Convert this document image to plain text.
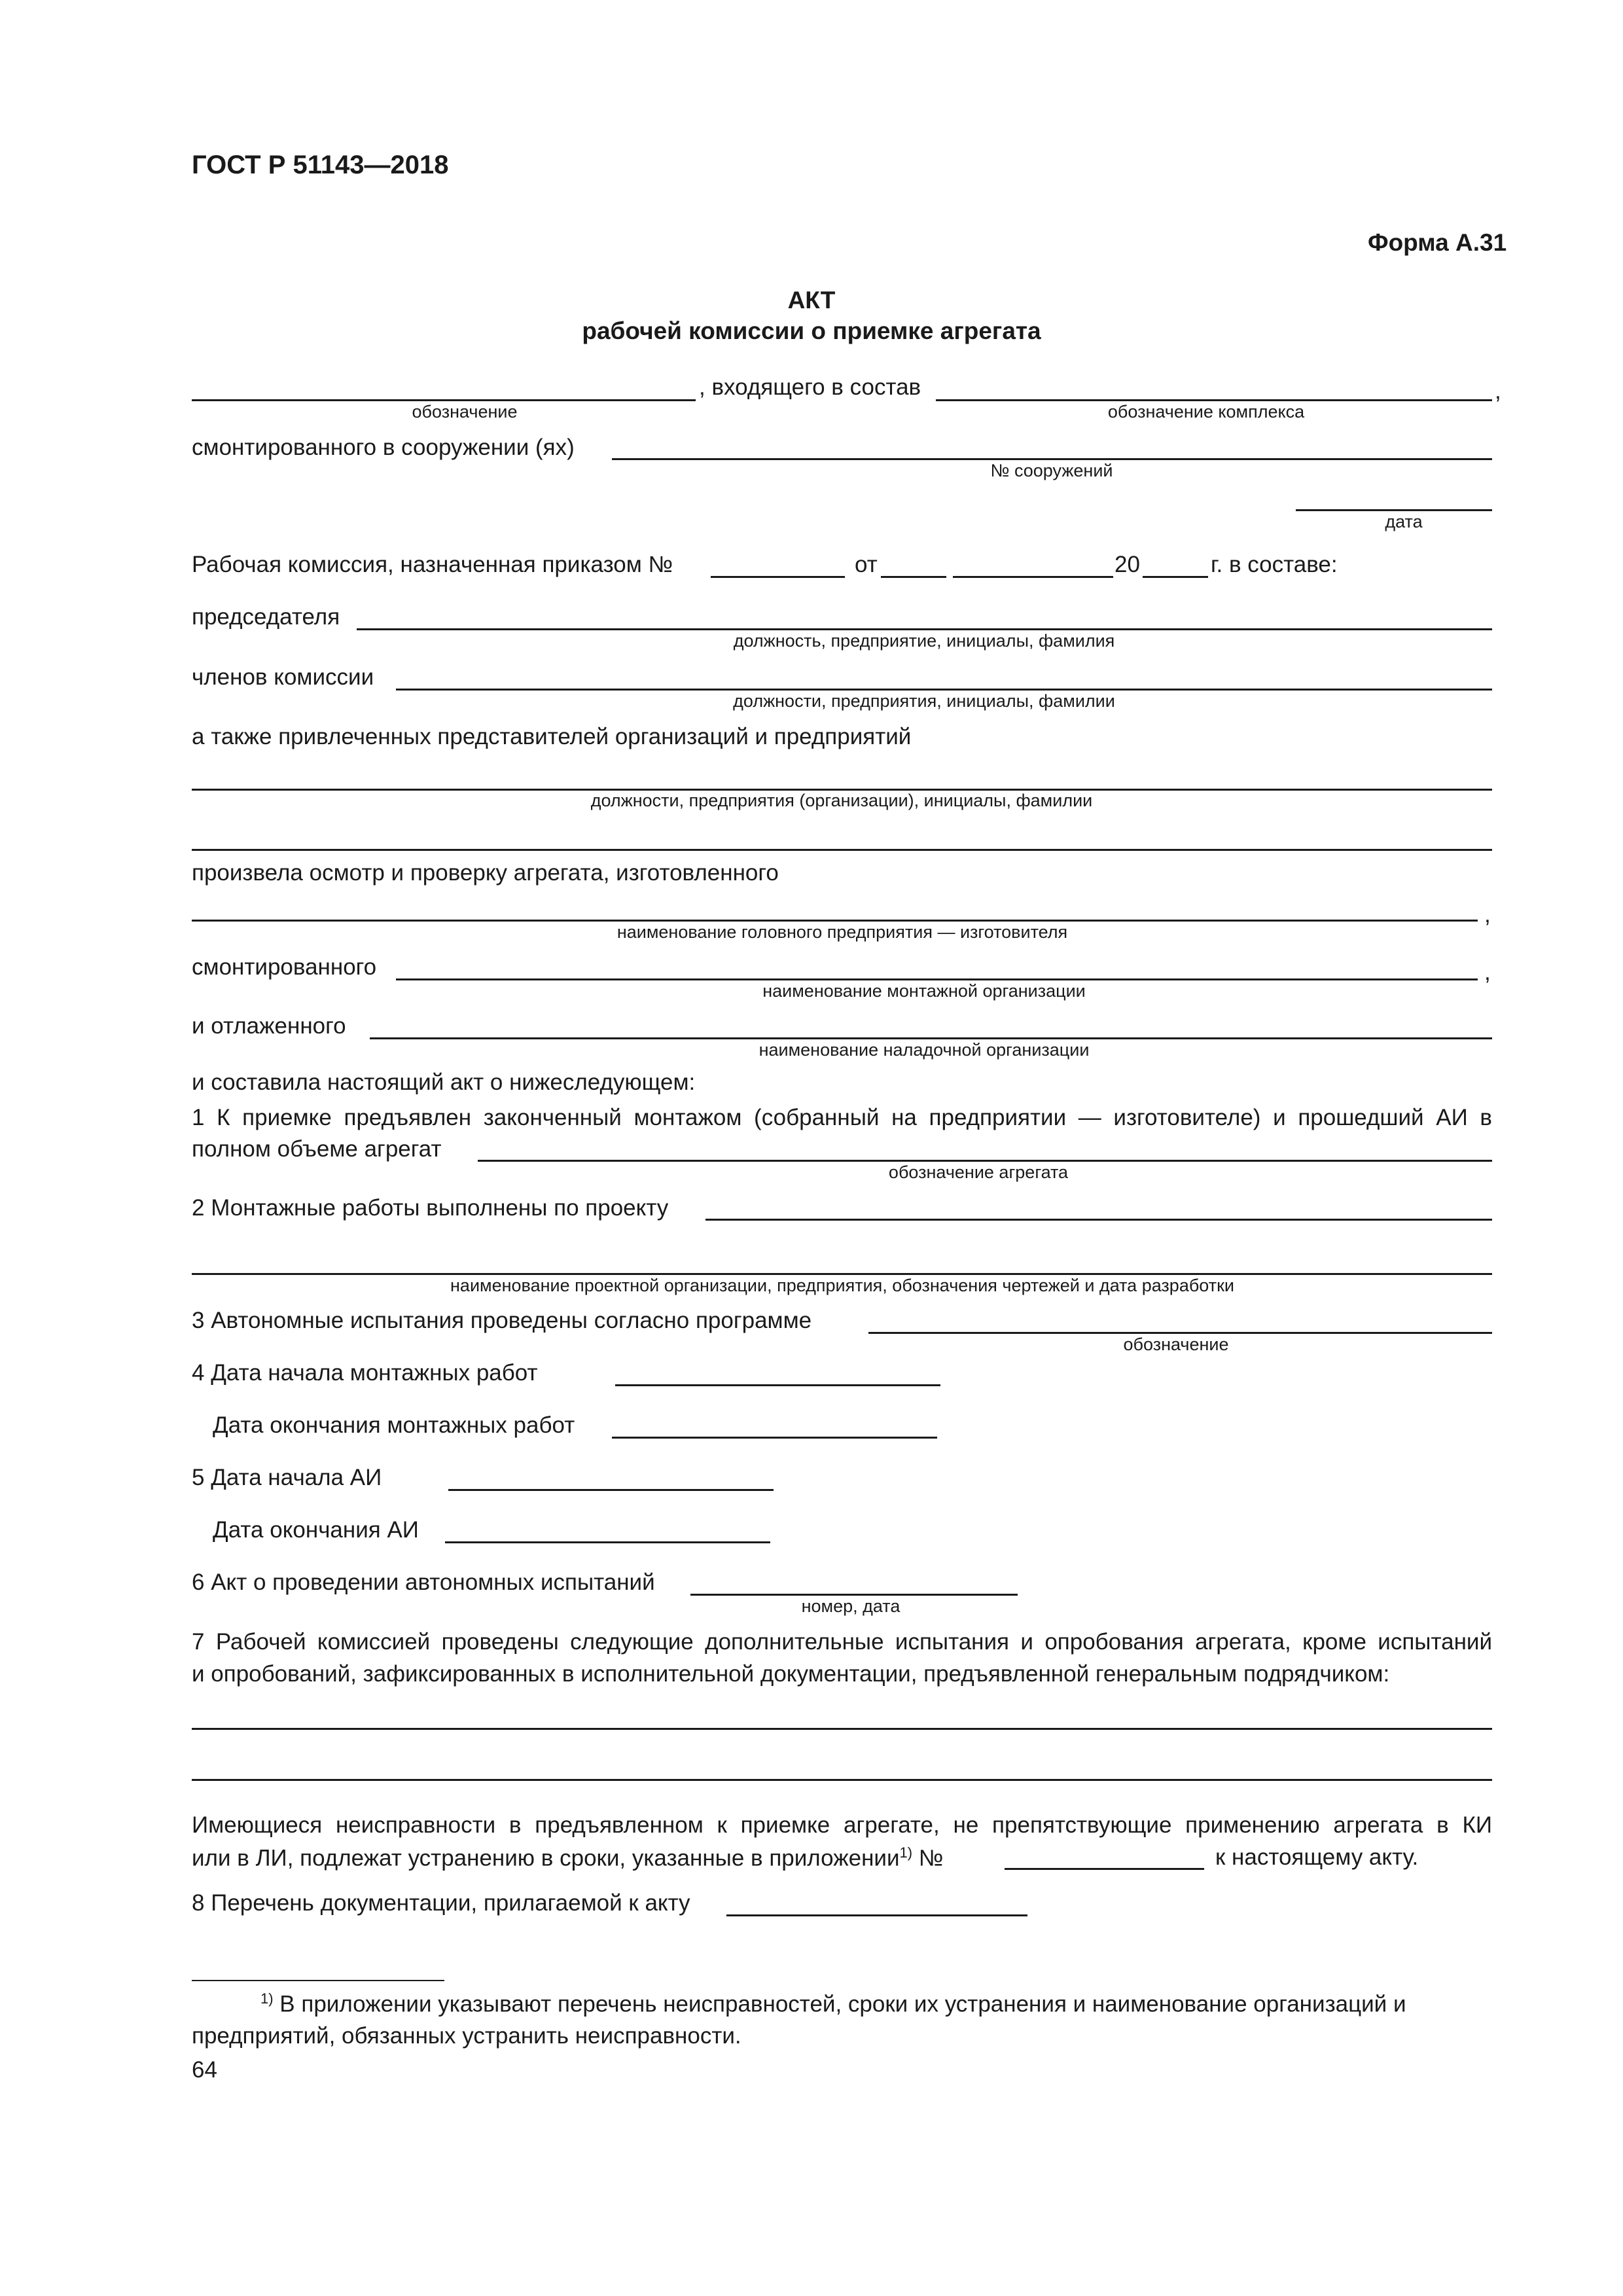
ГОСТ Р 51143—2018
Форма А.31
АКТ
рабочей комиссии о приемке агрегата
, входящего в состав	,
обозначение	обозначение комплекса
смонтированного в сооружении (ях)
№ сооружений
дата
Рабочая комиссия, назначенная приказом №	от	20	г. в составе:
председателя
должность, предприятие, инициалы, фамилия
членов комиссии
должности, предприятия, инициалы, фамилии
а также привлеченных представителей организаций и предприятий
должности, предприятия (организации), инициалы, фамилии
произвела осмотр и проверку агрегата, изготовленного
,
наименование головного предприятия — изготовителя
смонтированного	,
наименование монтажной организации
и отлаженного
наименование наладочной организации
и составила настоящий акт о нижеследующем:
1 К приемке предъявлен законченный монтажом (собранный на предприятии — изготовителе) и прошедший АИ в
полном объеме агрегат
обозначение агрегата
2 Монтажные работы выполнены по проекту
наименование проектной организации, предприятия, обозначения чертежей и дата разработки
3 Автономные испытания проведены согласно программе
обозначение
4 Дата начала монтажных работ
Дата окончания монтажных работ
5 Дата начала АИ
Дата окончания АИ
6 Акт о проведении автономных испытаний
номер, дата
7 Рабочей комиссией проведены следующие дополнительные испытания и опробования агрегата, кроме испытаний
и опробований, зафиксированных в исполнительной документации, предъявленной генеральным подрядчиком:
Имеющиеся неисправности в предъявленном к приемке агрегате, не препятствующие применению агрегата в КИ
или в ЛИ, подлежат устранению в сроки, указанные в приложении$^{1)}$ №	к настоящему акту.
8 Перечень документации, прилагаемой к акту
$^{1)}$ В приложении указывают перечень неисправностей, сроки их устранения и наименование организаций и
предприятий, обязанных устранить неисправности.
64
